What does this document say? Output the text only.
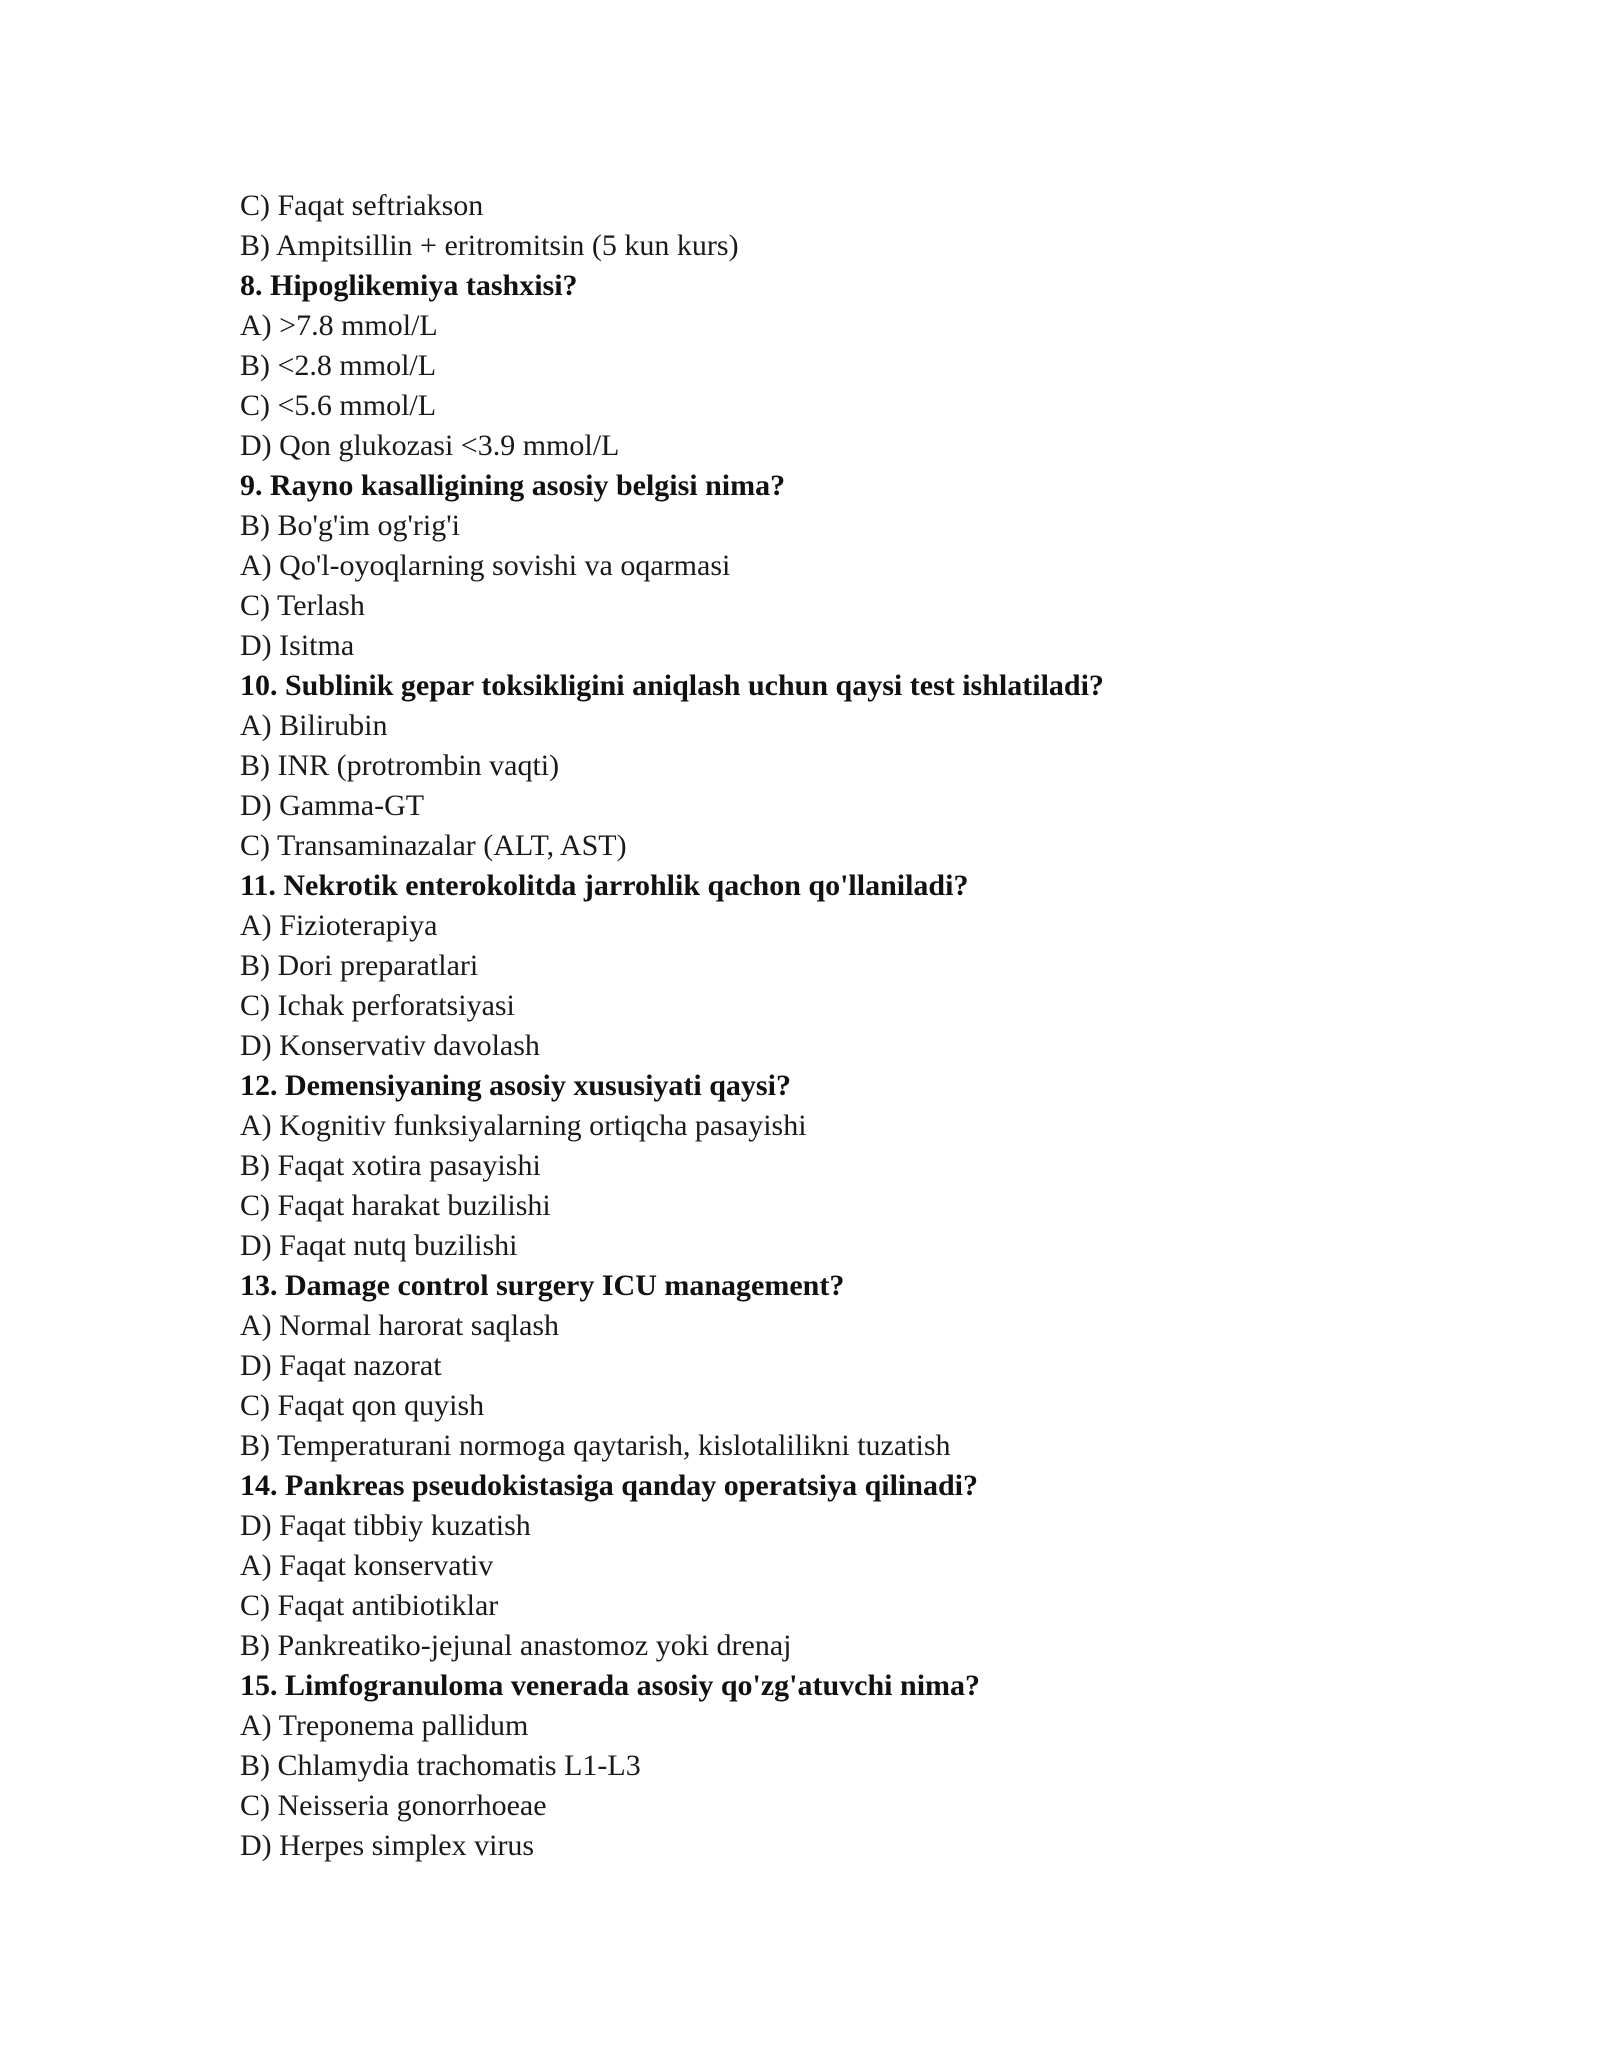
C) Faqat seftriakson
B) Ampitsillin + eritromitsin (5 kun kurs)
8. Hipoglikemiya tashxisi?
A) >7.8 mmol/L
B) <2.8 mmol/L
C) <5.6 mmol/L
D) Qon glukozasi <3.9 mmol/L
9. Rayno kasalligining asosiy belgisi nima?
B) Bo'g'im og'rig'i
A) Qo'l-oyoqlarning sovishi va oqarmasi
C) Terlash
D) Isitma
10. Sublinik gepar toksikligini aniqlash uchun qaysi test ishlatiladi?
A) Bilirubin
B) INR (protrombin vaqti)
D) Gamma-GT
C) Transaminazalar (ALT, AST)
11. Nekrotik enterokolitda jarrohlik qachon qo'llaniladi?
A) Fizioterapiya
B) Dori preparatlari
C) Ichak perforatsiyasi
D) Konservativ davolash
12. Demensiyaning asosiy xususiyati qaysi?
A) Kognitiv funksiyalarning ortiqcha pasayishi
B) Faqat xotira pasayishi
C) Faqat harakat buzilishi
D) Faqat nutq buzilishi
13. Damage control surgery ICU management?
A) Normal harorat saqlash
D) Faqat nazorat
C) Faqat qon quyish
B) Temperaturani normoga qaytarish, kislotalilikni tuzatish
14. Pankreas pseudokistasiga qanday operatsiya qilinadi?
D) Faqat tibbiy kuzatish
A) Faqat konservativ
C) Faqat antibiotiklar
B) Pankreatiko-jejunal anastomoz yoki drenaj
15. Limfogranuloma venerada asosiy qo'zg'atuvchi nima?
A) Treponema pallidum
B) Chlamydia trachomatis L1-L3
C) Neisseria gonorrhoeae
D) Herpes simplex virus
